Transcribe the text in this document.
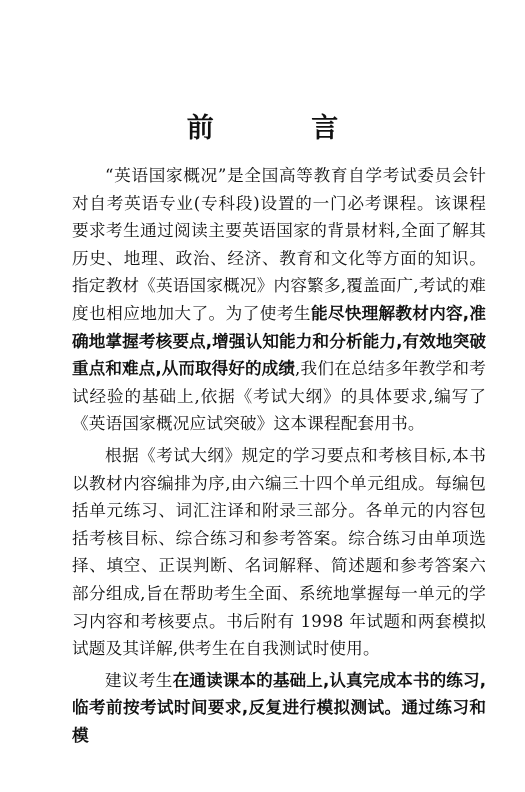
前 言

“英语国家概况”是全国高等教育自学考试委员会针对自考英语专业(专科段)设置的一门必考课程。该课程要求考生通过阅读主要英语国家的背景材料,全面了解其历史、地理、政治、经济、教育和文化等方面的知识。指定教材《英语国家概况》内容繁多,覆盖面广,考试的难度也相应地加大了。为了使考生能尽快理解教材内容,准确地掌握考核要点,增强认知能力和分析能力,有效地突破重点和难点,从而取得好的成绩,我们在总结多年教学和考试经验的基础上,依据《考试大纲》的具体要求,编写了《英语国家概况应试突破》这本课程配套用书。

根据《考试大纲》规定的学习要点和考核目标,本书以教材内容编排为序,由六编三十四个单元组成。每编包括单元练习、词汇注译和附录三部分。各单元的内容包括考核目标、综合练习和参考答案。综合练习由单项选择、填空、正误判断、名词解释、简述题和参考答案六部分组成,旨在帮助考生全面、系统地掌握每一单元的学习内容和考核要点。书后附有 1998 年试题和两套模拟试题及其详解,供考生在自我测试时使用。

建议考生在通读课本的基础上,认真完成本书的练习,临考前按考试时间要求,反复进行模拟测试。通过练习和模
